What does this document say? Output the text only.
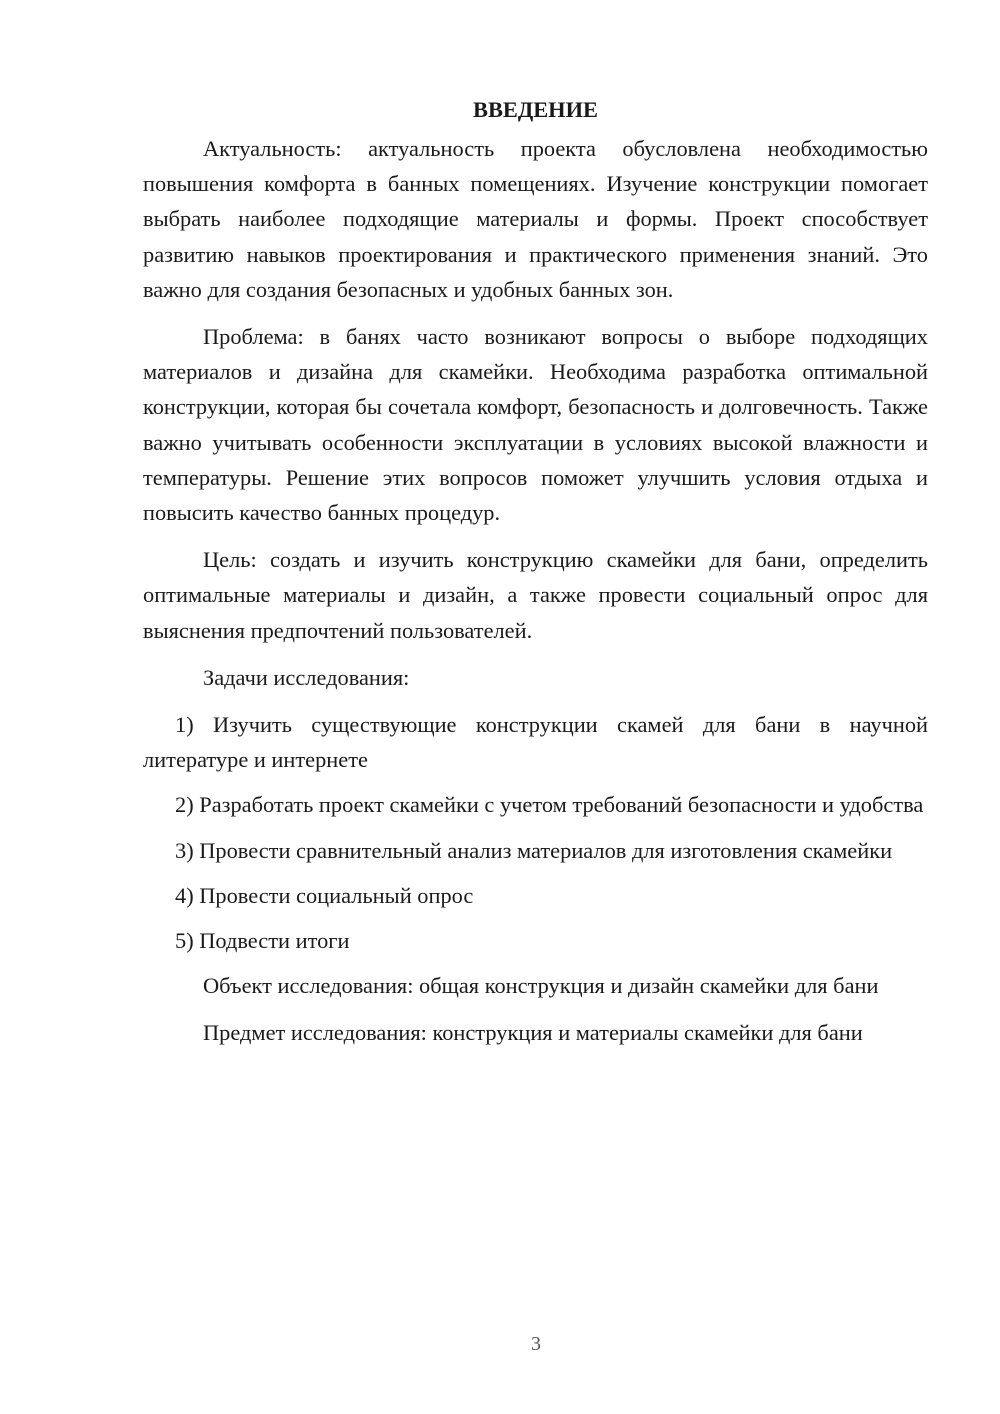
ВВЕДЕНИЕ

Актуальность: актуальность проекта обусловлена необходимостью повышения комфорта в банных помещениях. Изучение конструкции помогает выбрать наиболее подходящие материалы и формы. Проект способствует развитию навыков проектирования и практического применения знаний. Это важно для создания безопасных и удобных банных зон.

Проблема: в банях часто возникают вопросы о выборе подходящих материалов и дизайна для скамейки. Необходима разработка оптимальной конструкции, которая бы сочетала комфорт, безопасность и долговечность. Также важно учитывать особенности эксплуатации в условиях высокой влажности и температуры. Решение этих вопросов поможет улучшить условия отдыха и повысить качество банных процедур.

Цель: создать и изучить конструкцию скамейки для бани, определить оптимальные материалы и дизайн, а также провести социальный опрос для выяснения предпочтений пользователей.

Задачи исследования:

1) Изучить существующие конструкции скамей для бани в научной литературе и интернете

2) Разработать проект скамейки с учетом требований безопасности и удобства

3) Провести сравнительный анализ материалов для изготовления скамейки

4) Провести социальный опрос

5) Подвести итоги

Объект исследования: общая конструкция и дизайн скамейки для бани

Предмет исследования: конструкция и материалы скамейки для бани

3
